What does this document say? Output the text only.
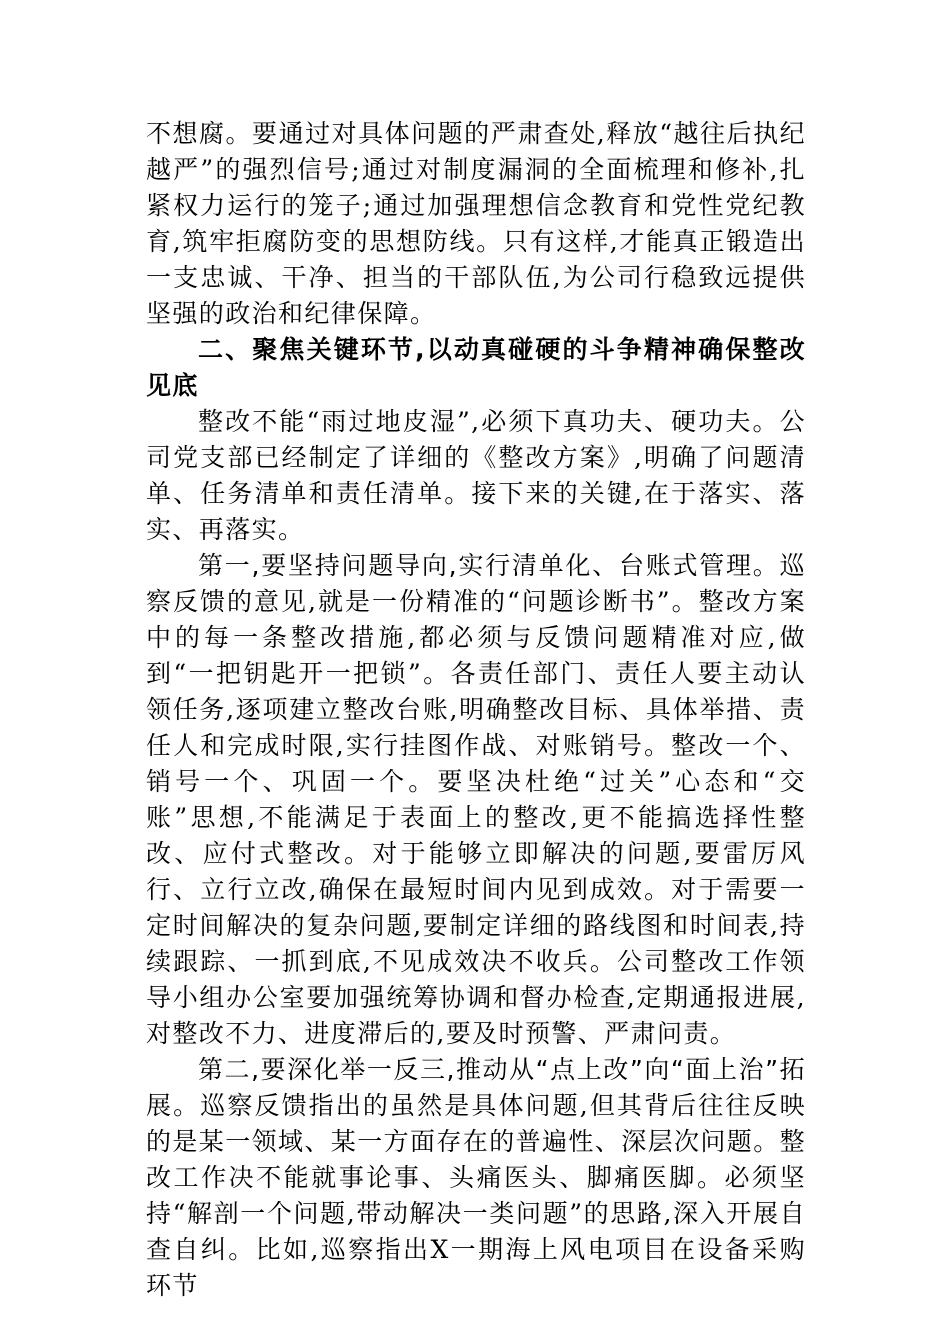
不想腐。要通过对具体问题的严肃查处,释放“越往后执纪越严”的强烈信号;通过对制度漏洞的全面梳理和修补,扎紧权力运行的笼子;通过加强理想信念教育和党性党纪教育,筑牢拒腐防变的思想防线。只有这样,才能真正锻造出一支忠诚、干净、担当的干部队伍,为公司行稳致远提供坚强的政治和纪律保障。

二、聚焦关键环节,以动真碰硬的斗争精神确保整改见底

整改不能“雨过地皮湿”,必须下真功夫、硬功夫。公司党支部已经制定了详细的《整改方案》,明确了问题清单、任务清单和责任清单。接下来的关键,在于落实、落实、再落实。

第一,要坚持问题导向,实行清单化、台账式管理。巡察反馈的意见,就是一份精准的“问题诊断书”。整改方案中的每一条整改措施,都必须与反馈问题精准对应,做到“一把钥匙开一把锁”。各责任部门、责任人要主动认领任务,逐项建立整改台账,明确整改目标、具体举措、责任人和完成时限,实行挂图作战、对账销号。整改一个、销号一个、巩固一个。要坚决杜绝“过关”心态和“交账”思想,不能满足于表面上的整改,更不能搞选择性整改、应付式整改。对于能够立即解决的问题,要雷厉风行、立行立改,确保在最短时间内见到成效。对于需要一定时间解决的复杂问题,要制定详细的路线图和时间表,持续跟踪、一抓到底,不见成效决不收兵。公司整改工作领导小组办公室要加强统筹协调和督办检查,定期通报进展,对整改不力、进度滞后的,要及时预警、严肃问责。

第二,要深化举一反三,推动从“点上改”向“面上治”拓展。巡察反馈指出的虽然是具体问题,但其背后往往反映的是某一领域、某一方面存在的普遍性、深层次问题。整改工作决不能就事论事、头痛医头、脚痛医脚。必须坚持“解剖一个问题,带动解决一类问题”的思路,深入开展自查自纠。比如,巡察指出X一期海上风电项目在设备采购环节
